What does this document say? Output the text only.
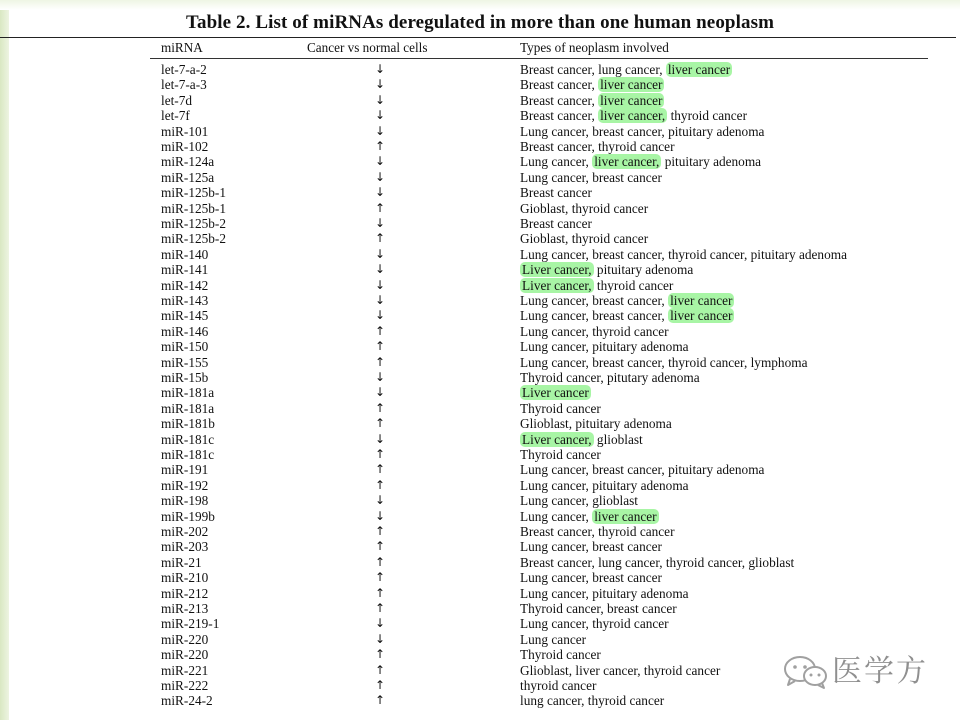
Table 2. List of miRNAs deregulated in more than one human neoplasm
miRNA	Cancer vs normal cells	Types of neoplasm involved
let-7-a-2	↓	Breast cancer, lung cancer, liver cancer
let-7-a-3	↓	Breast cancer, liver cancer
let-7d	↓	Breast cancer, liver cancer
let-7f	↓	Breast cancer, liver cancer, thyroid cancer
miR-101	↓	Lung cancer, breast cancer, pituitary adenoma
miR-102	↑	Breast cancer, thyroid cancer
miR-124a	↓	Lung cancer, liver cancer, pituitary adenoma
miR-125a	↓	Lung cancer, breast cancer
miR-125b-1	↓	Breast cancer
miR-125b-1	↑	Gioblast, thyroid cancer
miR-125b-2	↓	Breast cancer
miR-125b-2	↑	Gioblast, thyroid cancer
miR-140	↓	Lung cancer, breast cancer, thyroid cancer, pituitary adenoma
miR-141	↓	Liver cancer, pituitary adenoma
miR-142	↓	Liver cancer, thyroid cancer
miR-143	↓	Lung cancer, breast cancer, liver cancer
miR-145	↓	Lung cancer, breast cancer, liver cancer
miR-146	↑	Lung cancer, thyroid cancer
miR-150	↑	Lung cancer, pituitary adenoma
miR-155	↑	Lung cancer, breast cancer, thyroid cancer, lymphoma
miR-15b	↓	Thyroid cancer, pitutary adenoma
miR-181a	↓	Liver cancer
miR-181a	↑	Thyroid cancer
miR-181b	↑	Glioblast, pituitary adenoma
miR-181c	↓	Liver cancer, glioblast
miR-181c	↑	Thyroid cancer
miR-191	↑	Lung cancer, breast cancer, pituitary adenoma
miR-192	↑	Lung cancer, pituitary adenoma
miR-198	↓	Lung cancer, glioblast
miR-199b	↓	Lung cancer, liver cancer
miR-202	↑	Breast cancer, thyroid cancer
miR-203	↑	Lung cancer, breast cancer
miR-21	↑	Breast cancer, lung cancer, thyroid cancer, glioblast
miR-210	↑	Lung cancer, breast cancer
miR-212	↑	Lung cancer, pituitary adenoma
miR-213	↑	Thyroid cancer, breast cancer
miR-219-1	↓	Lung cancer, thyroid cancer
miR-220	↓	Lung cancer
miR-220	↑	Thyroid cancer
miR-221	↑	Glioblast, liver cancer, thyroid cancer
miR-222	↑	thyroid cancer
miR-24-2	↑	lung cancer, thyroid cancer
医学方
